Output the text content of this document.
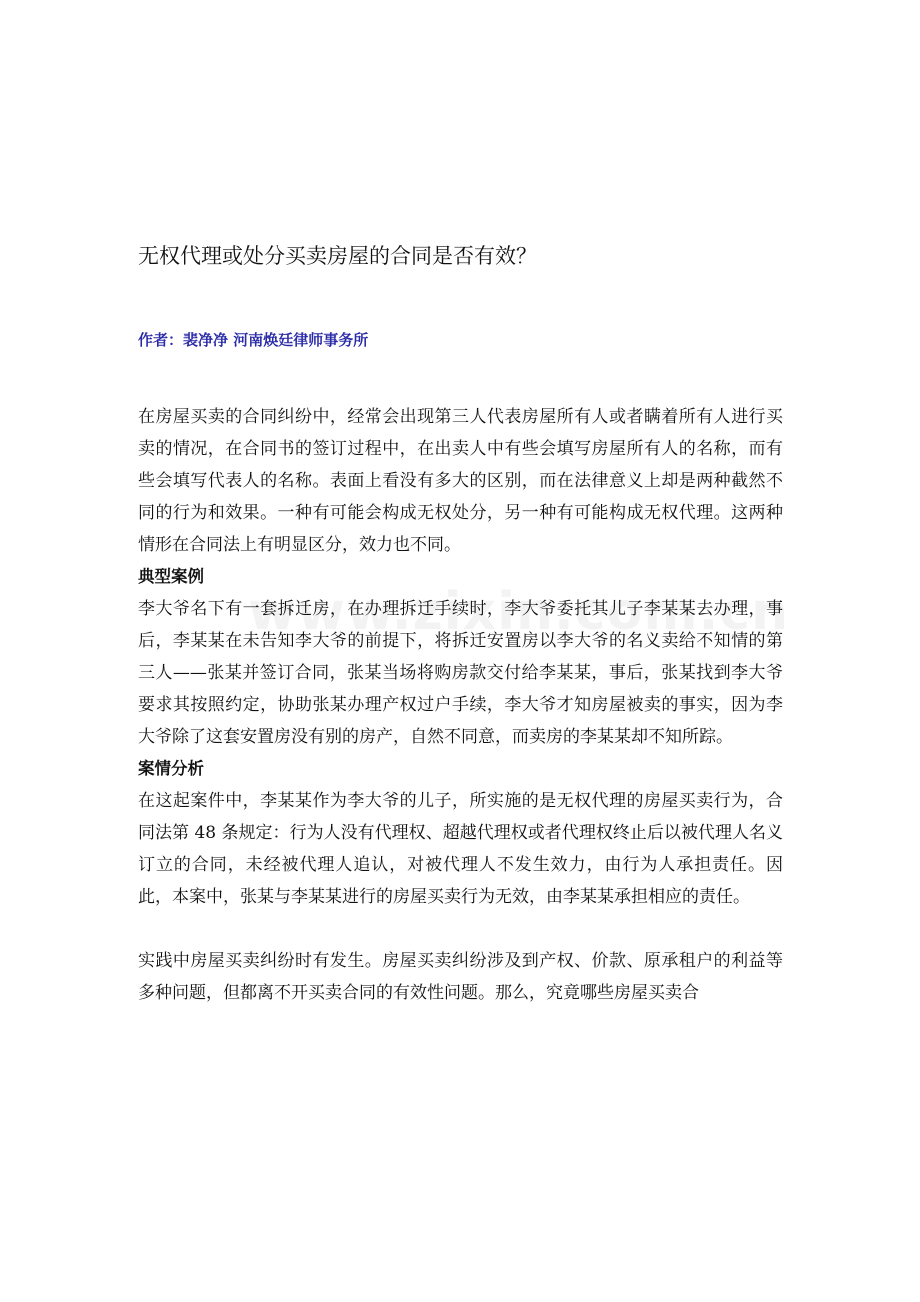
无权代理或处分买卖房屋的合同是否有效？
作者：裴净净 河南焕廷律师事务所

在房屋买卖的合同纠纷中，经常会出现第三人代表房屋所有人或者瞒着所有人进行买卖的情况，在合同书的签订过程中，在出卖人中有些会填写房屋所有人的名称，而有些会填写代表人的名称。表面上看没有多大的区别，而在法律意义上却是两种截然不同的行为和效果。一种有可能会构成无权处分，另一种有可能构成无权代理。这两种情形在合同法上有明显区分，效力也不同。

典型案例

李大爷名下有一套拆迁房，在办理拆迁手续时，李大爷委托其儿子李某某去办理，事后，李某某在未告知李大爷的前提下，将拆迁安置房以李大爷的名义卖给不知情的第三人——张某并签订合同，张某当场将购房款交付给李某某，事后，张某找到李大爷要求其按照约定，协助张某办理产权过户手续，李大爷才知房屋被卖的事实，因为李大爷除了这套安置房没有别的房产，自然不同意，而卖房的李某某却不知所踪。

案情分析

在这起案件中，李某某作为李大爷的儿子，所实施的是无权代理的房屋买卖行为，合同法第 48 条规定：行为人没有代理权、超越代理权或者代理权终止后以被代理人名义订立的合同，未经被代理人追认，对被代理人不发生效力，由行为人承担责任。因此，本案中，张某与李某某进行的房屋买卖行为无效，由李某某承担相应的责任。

实践中房屋买卖纠纷时有发生。房屋买卖纠纷涉及到产权、价款、原承租户的利益等多种问题，但都离不开买卖合同的有效性问题。那么，究竟哪些房屋买卖合
